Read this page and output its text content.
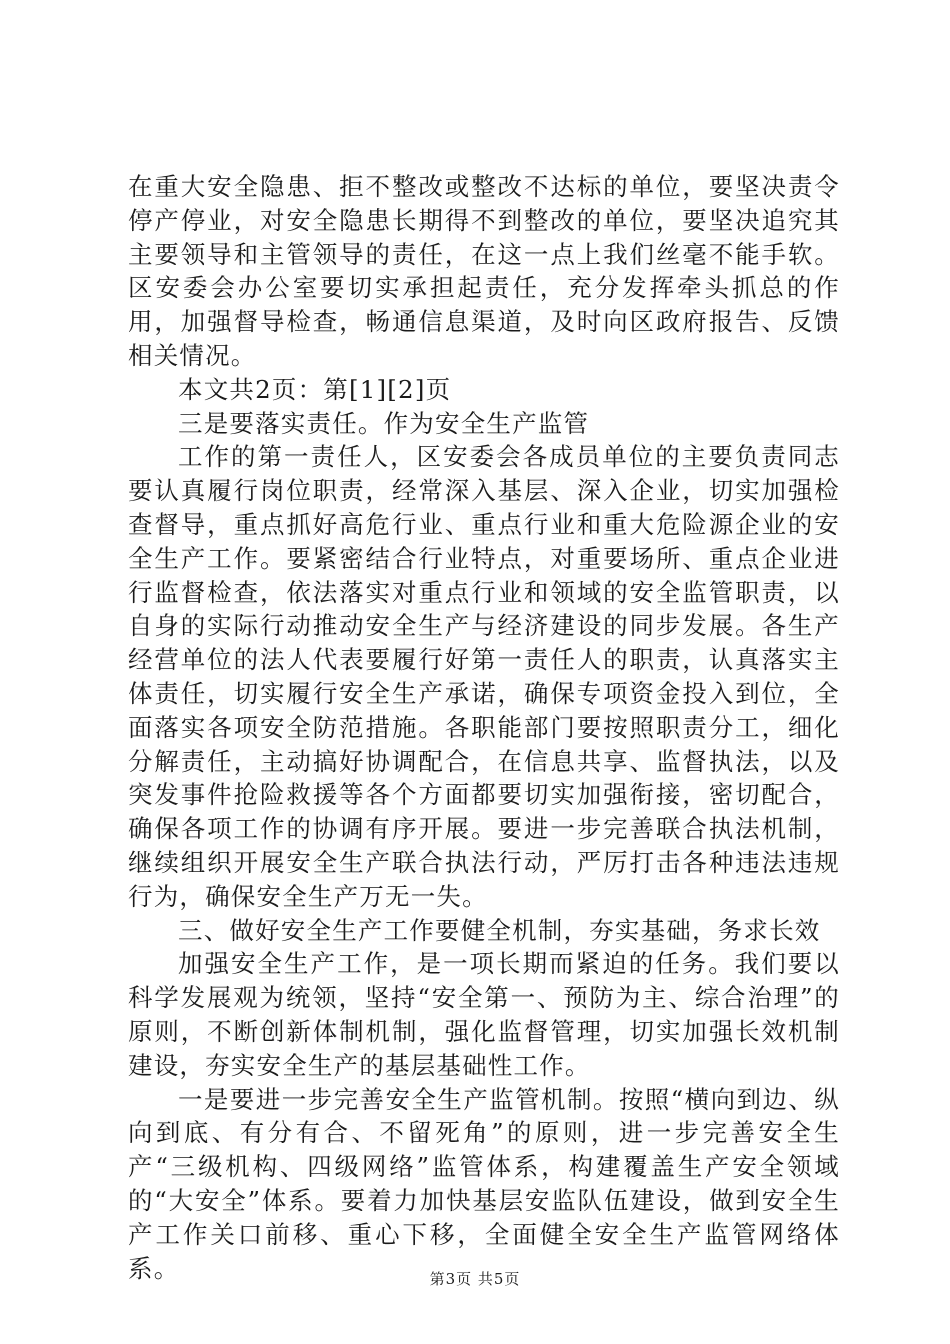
在重大安全隐患、拒不整改或整改不达标的单位，要坚决责令停产停业，对安全隐患长期得不到整改的单位，要坚决追究其主要领导和主管领导的责任，在这一点上我们丝毫不能手软。区安委会办公室要切实承担起责任，充分发挥牵头抓总的作用，加强督导检查，畅通信息渠道，及时向区政府报告、反馈相关情况。

本文共2页：第[1][2]页

三是要落实责任。作为安全生产监管

工作的第一责任人，区安委会各成员单位的主要负责同志要认真履行岗位职责，经常深入基层、深入企业，切实加强检查督导，重点抓好高危行业、重点行业和重大危险源企业的安全生产工作。要紧密结合行业特点，对重要场所、重点企业进行监督检查，依法落实对重点行业和领域的安全监管职责，以自身的实际行动推动安全生产与经济建设的同步发展。各生产经营单位的法人代表要履行好第一责任人的职责，认真落实主体责任，切实履行安全生产承诺，确保专项资金投入到位，全面落实各项安全防范措施。各职能部门要按照职责分工，细化分解责任，主动搞好协调配合，在信息共享、监督执法，以及突发事件抢险救援等各个方面都要切实加强衔接，密切配合，确保各项工作的协调有序开展。要进一步完善联合执法机制，继续组织开展安全生产联合执法行动，严厉打击各种违法违规行为，确保安全生产万无一失。

三、做好安全生产工作要健全机制，夯实基础，务求长效

加强安全生产工作，是一项长期而紧迫的任务。我们要以科学发展观为统领，坚持“安全第一、预防为主、综合治理”的原则，不断创新体制机制，强化监督管理，切实加强长效机制建设，夯实安全生产的基层基础性工作。

一是要进一步完善安全生产监管机制。按照“横向到边、纵向到底、有分有合、不留死角”的原则，进一步完善安全生产“三级机构、四级网络”监管体系，构建覆盖生产安全领域的“大安全”体系。要着力加快基层安监队伍建设，做到安全生产工作关口前移、重心下移，全面健全安全生产监管网络体系。	第3页 共5页
